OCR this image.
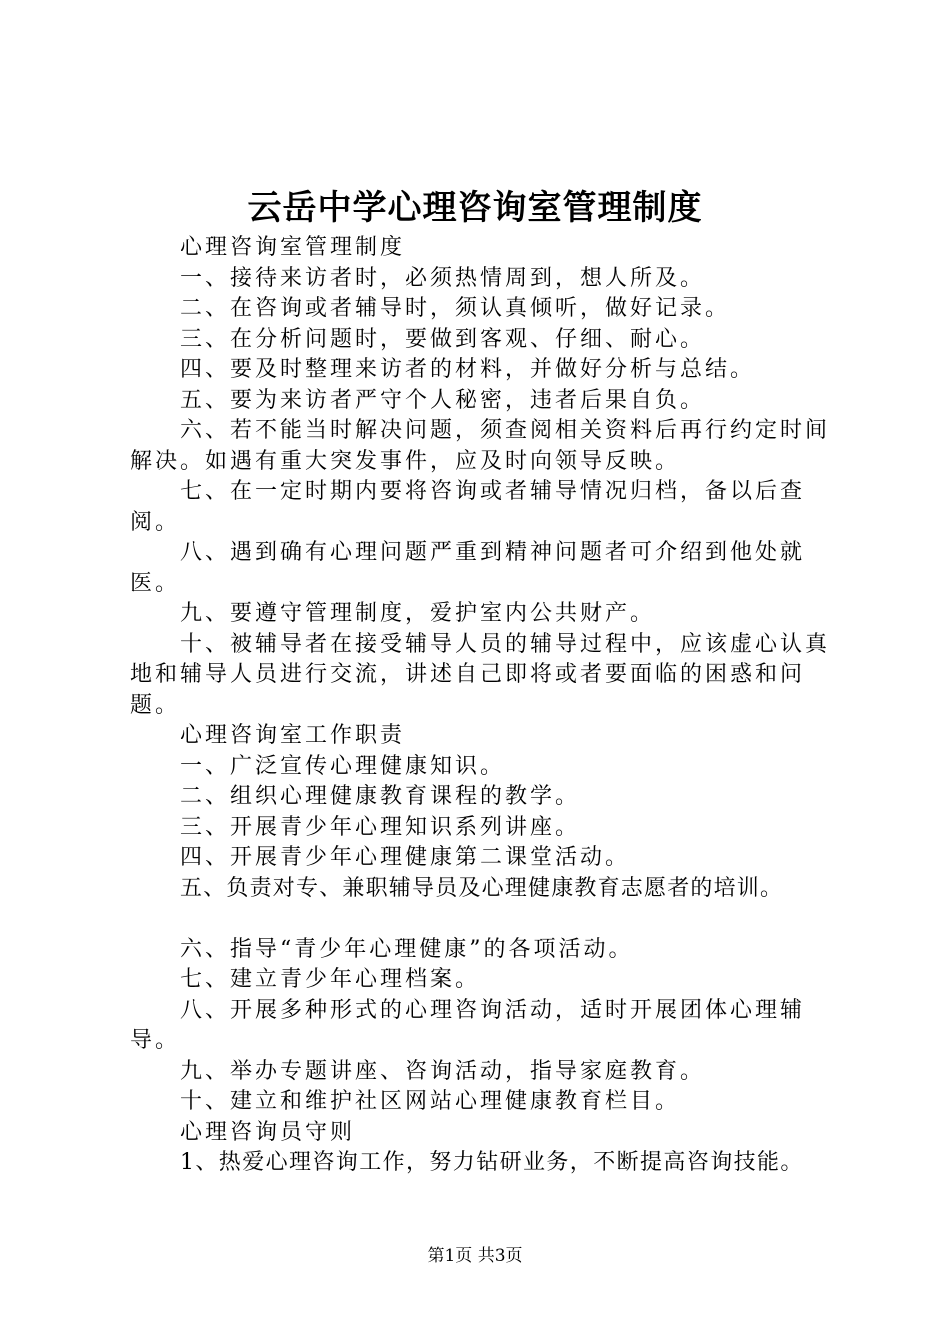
云岳中学心理咨询室管理制度

心理咨询室管理制度

一、接待来访者时，必须热情周到，想人所及。

二、在咨询或者辅导时，须认真倾听，做好记录。

三、在分析问题时，要做到客观、仔细、耐心。

四、要及时整理来访者的材料，并做好分析与总结。

五、要为来访者严守个人秘密，违者后果自负。

六、若不能当时解决问题，须查阅相关资料后再行约定时间解决。如遇有重大突发事件，应及时向领导反映。

七、在一定时期内要将咨询或者辅导情况归档，备以后查阅。

八、遇到确有心理问题严重到精神问题者可介绍到他处就医。

九、要遵守管理制度，爱护室内公共财产。

十、被辅导者在接受辅导人员的辅导过程中，应该虚心认真地和辅导人员进行交流，讲述自己即将或者要面临的困惑和问题。

心理咨询室工作职责

一、广泛宣传心理健康知识。

二、组织心理健康教育课程的教学。

三、开展青少年心理知识系列讲座。

四、开展青少年心理健康第二课堂活动。

五、负责对专、兼职辅导员及心理健康教育志愿者的培训。

六、指导“青少年心理健康”的各项活动。

七、建立青少年心理档案。

八、开展多种形式的心理咨询活动，适时开展团体心理辅导。

九、举办专题讲座、咨询活动，指导家庭教育。

十、建立和维护社区网站心理健康教育栏目。

心理咨询员守则

1、热爱心理咨询工作，努力钻研业务，不断提高咨询技能。

第1页 共3页
